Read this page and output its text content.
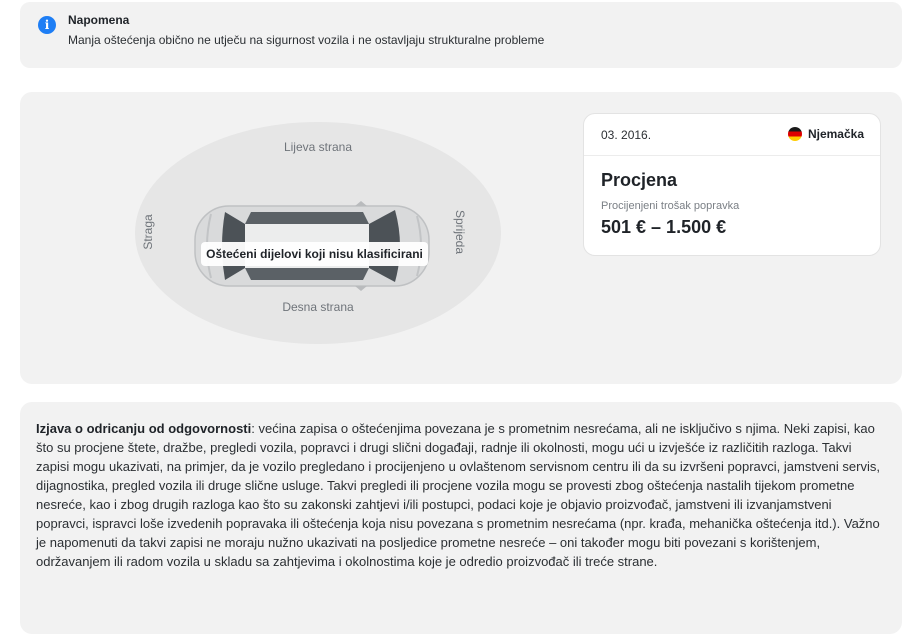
i	Napomena
Manja oštećenja obično ne utječu na sigurnost vozila i ne ostavljaju strukturalne probleme
Lijeva strana
Desna strana
Straga	Sprijeda
Oštećeni dijelovi koji nisu klasificirani
03. 2016.	Njemačka
Procjena
Procijenjeni trošak popravka
501 € – 1.500 €
Izjava o odricanju od odgovornosti: većina zapisa o oštećenjima povezana je s prometnim nesrećama, ali ne isključivo s njima. Neki zapisi, kao što su procjene štete, dražbe, pregledi vozila, popravci i drugi slični događaji, radnje ili okolnosti, mogu ući u izvješće iz različitih razloga. Takvi zapisi mogu ukazivati, na primjer, da je vozilo pregledano i procijenjeno u ovlaštenom servisnom centru ili da su izvršeni popravci, jamstveni servis, dijagnostika, pregled vozila ili druge slične usluge. Takvi pregledi ili procjene vozila mogu se provesti zbog oštećenja nastalih tijekom prometne nesreće, kao i zbog drugih razloga kao što su zakonski zahtjevi i/ili postupci, podaci koje je objavio proizvođač, jamstveni ili izvanjamstveni popravci, ispravci loše izvedenih popravaka ili oštećenja koja nisu povezana s prometnim nesrećama (npr. krađa, mehanička oštećenja itd.). Važno je napomenuti da takvi zapisi ne moraju nužno ukazivati na posljedice prometne nesreće – oni također mogu biti povezani s korištenjem, održavanjem ili radom vozila u skladu sa zahtjevima i okolnostima koje je odredio proizvođač ili treće strane.
